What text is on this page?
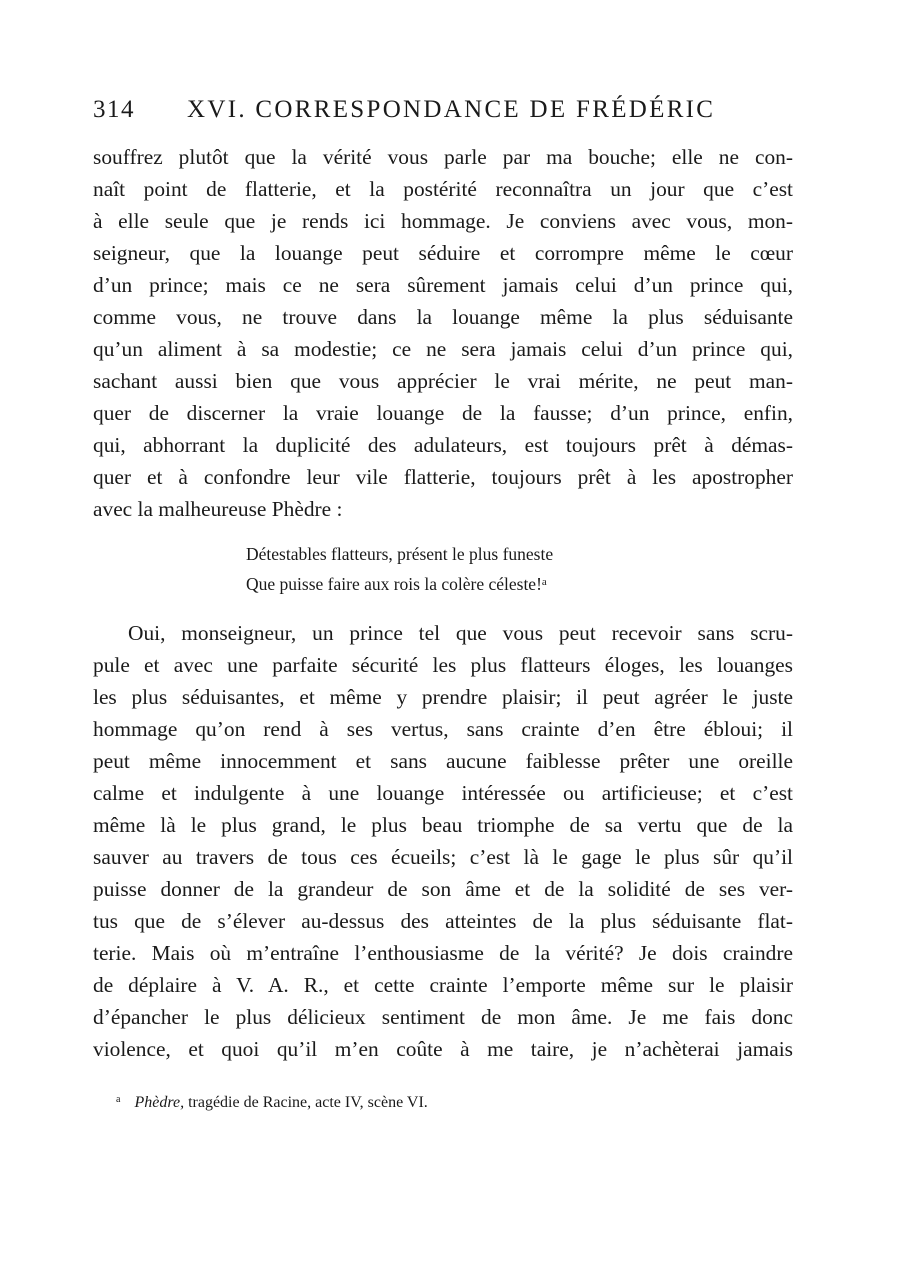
314 XVI. CORRESPONDANCE DE FRÉDÉRIC
souffrez plutôt que la vérité vous parle par ma bouche; elle ne con-
naît point de flatterie, et la postérité reconnaîtra un jour que c’est
à elle seule que je rends ici hommage. Je conviens avec vous, mon-
seigneur, que la louange peut séduire et corrompre même le cœur
d’un prince; mais ce ne sera sûrement jamais celui d’un prince qui,
comme vous, ne trouve dans la louange même la plus séduisante
qu’un aliment à sa modestie; ce ne sera jamais celui d’un prince qui,
sachant aussi bien que vous apprécier le vrai mérite, ne peut man-
quer de discerner la vraie louange de la fausse; d’un prince, enfin,
qui, abhorrant la duplicité des adulateurs, est toujours prêt à démas-
quer et à confondre leur vile flatterie, toujours prêt à les apostropher
avec la malheureuse Phèdre :
Détestables flatteurs, présent le plus funeste
Que puisse faire aux rois la colère céleste!$^a$
Oui, monseigneur, un prince tel que vous peut recevoir sans scru-
pule et avec une parfaite sécurité les plus flatteurs éloges, les louanges
les plus séduisantes, et même y prendre plaisir; il peut agréer le juste
hommage qu’on rend à ses vertus, sans crainte d’en être ébloui; il
peut même innocemment et sans aucune faiblesse prêter une oreille
calme et indulgente à une louange intéressée ou artificieuse; et c’est
même là le plus grand, le plus beau triomphe de sa vertu que de la
sauver au travers de tous ces écueils; c’est là le gage le plus sûr qu’il
puisse donner de la grandeur de son âme et de la solidité de ses ver-
tus que de s’élever au-dessus des atteintes de la plus séduisante flat-
terie. Mais où m’entraîne l’enthousiasme de la vérité? Je dois craindre
de déplaire à V. A. R., et cette crainte l’emporte même sur le plaisir
d’épancher le plus délicieux sentiment de mon âme. Je me fais donc
violence, et quoi qu’il m’en coûte à me taire, je n’achèterai jamais
$^a$ Phèdre, tragédie de Racine, acte IV, scène VI.
